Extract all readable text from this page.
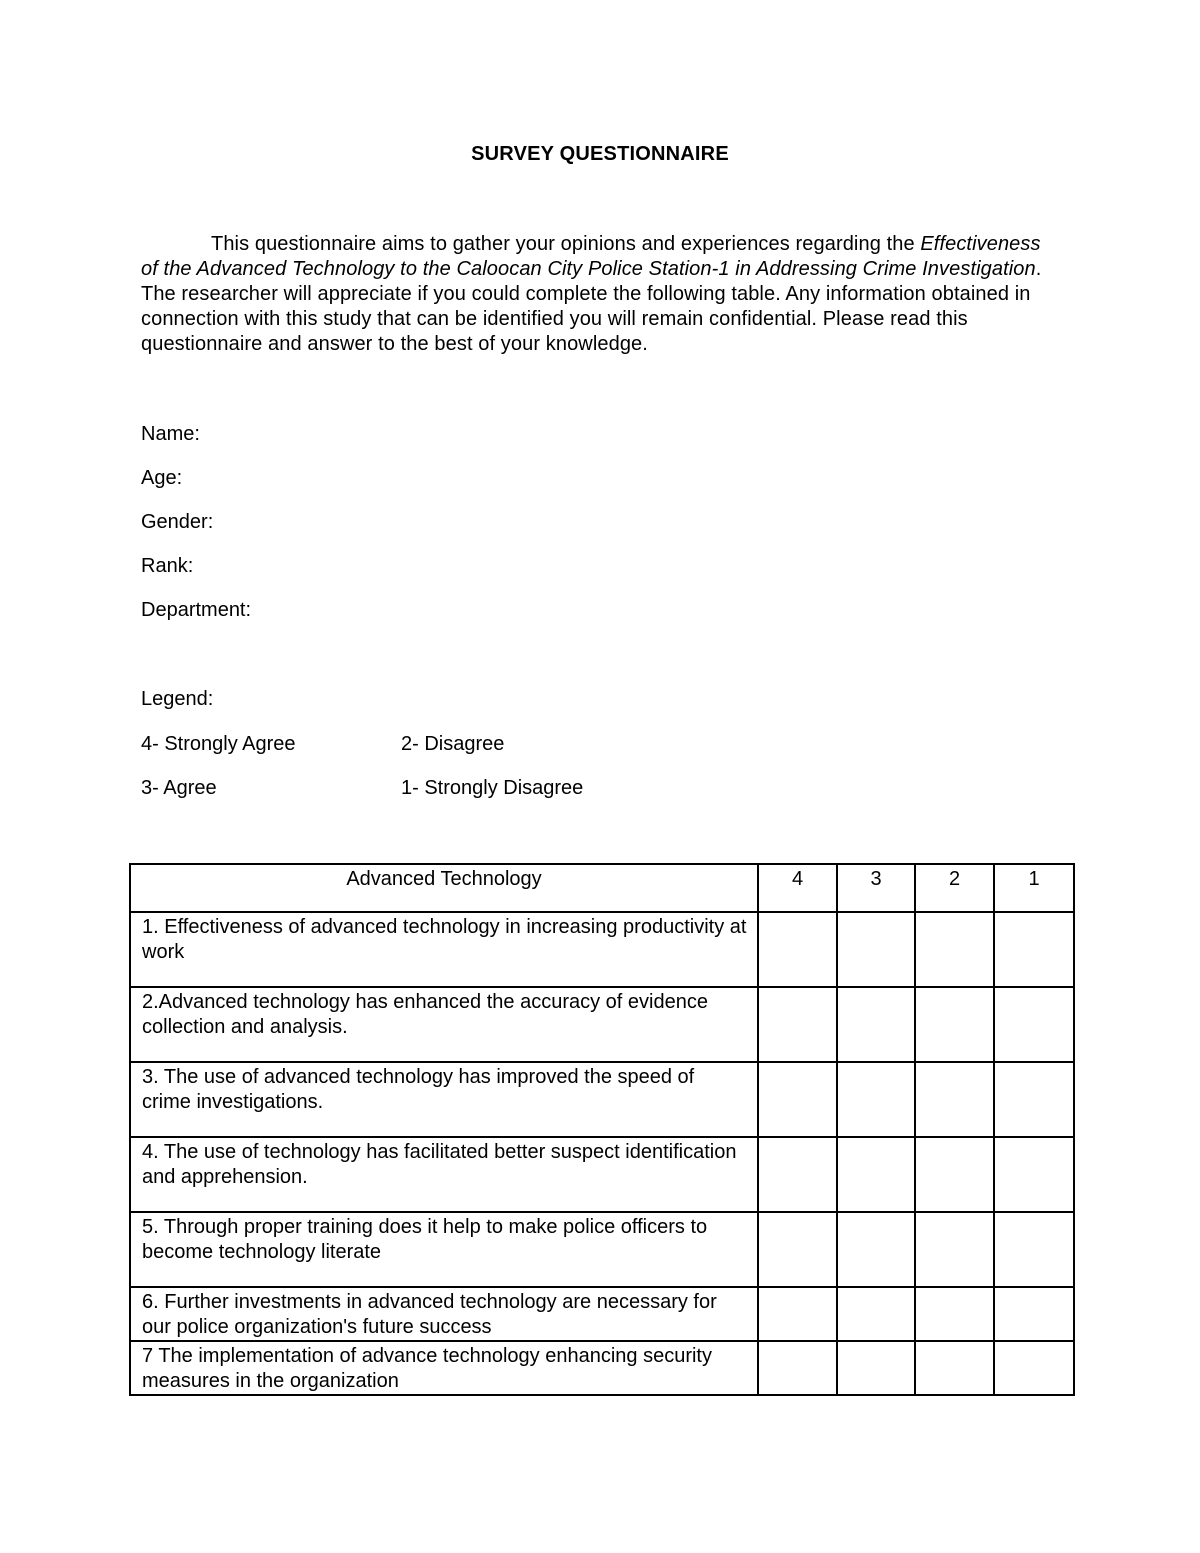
SURVEY QUESTIONNAIRE

This questionnaire aims to gather your opinions and experiences regarding the Effectiveness of the Advanced Technology to the Caloocan City Police Station-1 in Addressing Crime Investigation. The researcher will appreciate if you could complete the following table. Any information obtained in connection with this study that can be identified you will remain confidential. Please read this questionnaire and answer to the best of your knowledge.

Name:
Age:
Gender:
Rank:
Department:
Legend:
4- Strongly Agree	2- Disagree
3- Agree	1- Strongly Disagree
Advanced Technology	4	3	2	1
1. Effectiveness of advanced technology in increasing productivity at work				
2.Advanced technology has enhanced the accuracy of evidence collection and analysis.				
3. The use of advanced technology has improved the speed of crime investigations.				
4. The use of technology has facilitated better suspect identification and apprehension.				
5. Through proper training does it help to make police officers to become technology literate				
6. Further investments in advanced technology are necessary for our police organization's future success				
7 The implementation of advance technology enhancing security measures in the organization				
